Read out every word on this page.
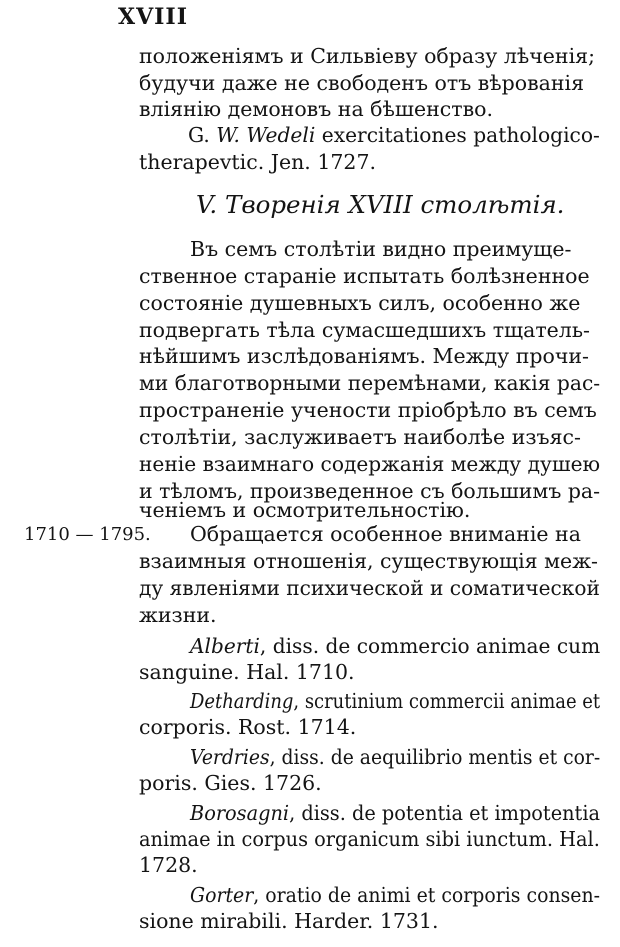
XVIII
положеніямъ и Сильвіеву образу лѣченія;
будучи даже не свободенъ отъ вѣрованія
вліянію демоновъ на бѣшенство.
G. W. Wedeli exercitationes pathologico-
therapevtic. Jen. 1727.
V. Творенія XVIII столѣтія.
Въ семъ столѣтіи видно преимуще-
ственное стараніе испытать болѣзненное
состояніе душевныхъ силъ, особенно же
подвергать тѣла сумасшедшихъ тщатель-
нѣйшимъ изслѣдованіямъ. Между прочи-
ми благотворными перемѣнами, какія рас-
пространеніе учености пріобрѣло въ семъ
столѣтіи, заслуживаетъ наиболѣе изъяс-
неніе взаимнаго содержанія между душею
и тѣломъ, произведенное съ большимъ ра-
ченіемъ и осмотрительностію.
1710 — 1795. Обращается особенное вниманіе на
взаимныя отношенія, существующія меж-
ду явленіями психической и соматической
жизни.
Alberti, diss. de commercio animae cum
sanguine. Hal. 1710.
Detharding, scrutinium commercii animae et
corporis. Rost. 1714.
Verdries, diss. de aequilibrio mentis et cor-
poris. Gies. 1726.
Borosagni, diss. de potentia et impotentia
animae in corpus organicum sibi iunctum. Hal.
1728.
Gorter, oratio de animi et corporis consen-
sione mirabili. Harder. 1731.
